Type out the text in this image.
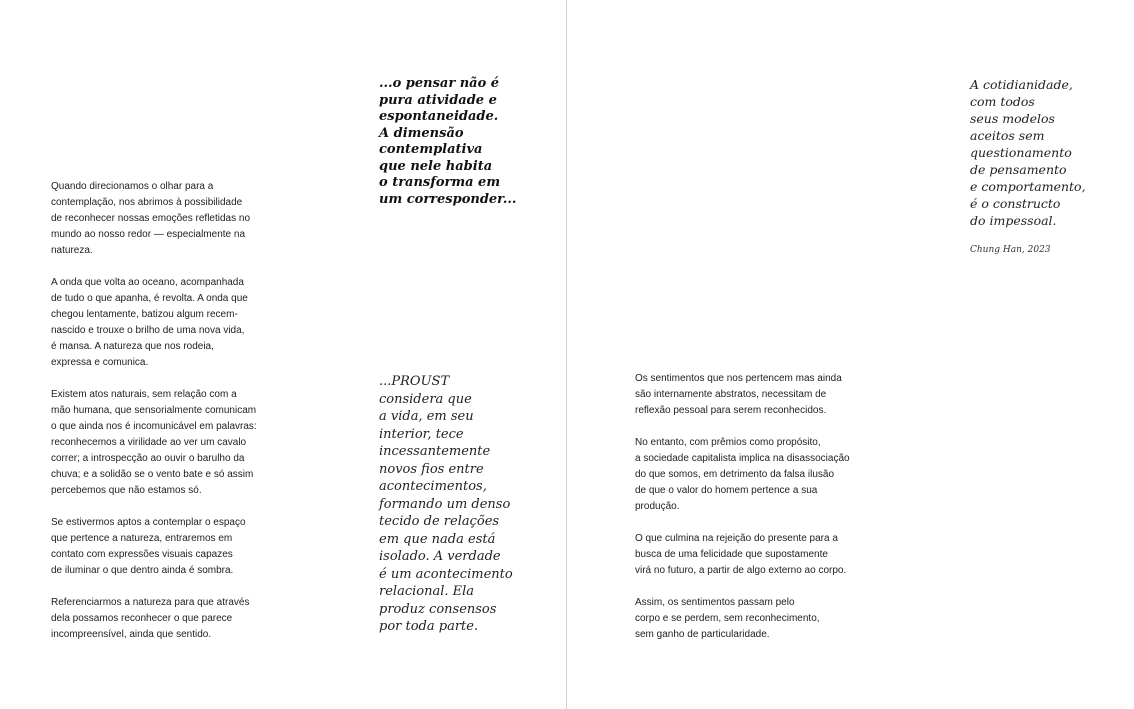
Quando direcionamos o olhar para a
contemplação, nos abrimos à possibilidade
de reconhecer nossas emoções refletidas no
mundo ao nosso redor — especialmente na
natureza.

A onda que volta ao oceano, acompanhada
de tudo o que apanha, é revolta. A onda que
chegou lentamente, batizou algum recem-
nascido e trouxe o brilho de uma nova vida,
é mansa. A natureza que nos rodeia,
expressa e comunica.

Existem atos naturais, sem relação com a
mão humana, que sensorialmente comunicam
o que ainda nos é incomunicável em palavras:
reconhecemos a virilidade ao ver um cavalo
correr; a introspecção ao ouvir o barulho da
chuva; e a solidão se o vento bate e só assim
percebemos que não estamos só.

Se estivermos aptos a contemplar o espaço
que pertence a natureza, entraremos em
contato com expressões visuais capazes
de iluminar o que dentro ainda é sombra.

Referenciarmos a natureza para que através
dela possamos reconhecer o que parece
incompreensível, ainda que sentido.

...o pensar não é
pura atividade e
espontaneidade.
A dimensão
contemplativa
que nele habita
o transforma em
um corresponder...
...PROUST
considera que
a vida, em seu
interior, tece
incessantemente
novos fios entre
acontecimentos,
formando um denso
tecido de relações
em que nada está
isolado. A verdade
é um acontecimento
relacional. Ela
produz consensos
por toda parte.

Os sentimentos que nos pertencem mas ainda
são internamente abstratos, necessitam de
reflexão pessoal para serem reconhecidos.

No entanto, com prêmios como propósito,
a sociedade capitalista implica na disassociação
do que somos, em detrimento da falsa ilusão
de que o valor do homem pertence a sua
produção.

O que culmina na rejeição do presente para a
busca de uma felicidade que supostamente
virá no futuro, a partir de algo externo ao corpo.

Assim, os sentimentos passam pelo
corpo e se perdem, sem reconhecimento,
sem ganho de particularidade.

A cotidianidade,
com todos
seus modelos
aceitos sem
questionamento
de pensamento
e comportamento,
é o constructo
do impessoal.
Chung Han, 2023
